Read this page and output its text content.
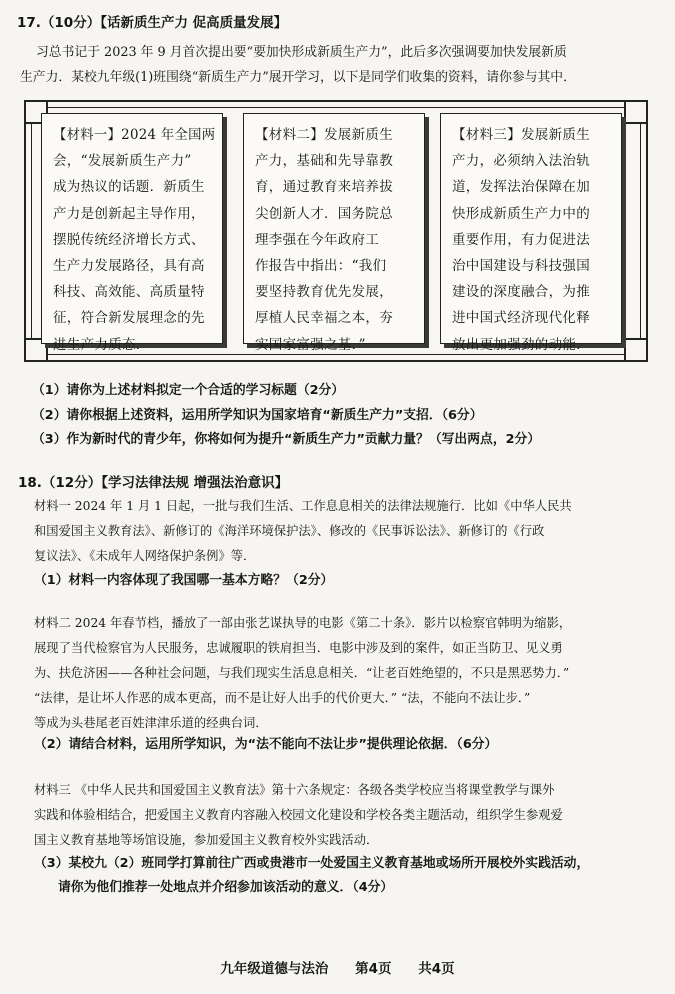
17.（10分）【话新质生产力 促高质量发展】
习总书记于 2023 年 9 月首次提出要“要加快形成新质生产力”，此后多次强调要加快发展新质
生产力．某校九年级(1)班围绕“新质生产力”展开学习，以下是同学们收集的资料，请你参与其中．
【材料一】2024 年全国两
会，“发展新质生产力”
成为热议的话题．新质生
产力是创新起主导作用，
摆脱传统经济增长方式、
生产力发展路径，具有高
科技、高效能、高质量特
征，符合新发展理念的先
进生产力质态．
【材料二】发展新质生
产力，基础和先导靠教
育，通过教育来培养拔
尖创新人才．国务院总
理李强在今年政府工
作报告中指出：“我们
要坚持教育优先发展，
厚植人民幸福之本，夯
实国家富强之基．”
【材料三】发展新质生
产力，必须纳入法治轨
道，发挥法治保障在加
快形成新质生产力中的
重要作用，有力促进法
治中国建设与科技强国
建设的深度融合，为推
进中国式经济现代化释
放出更加强劲的动能．
（1）请你为上述材料拟定一个合适的学习标题（2分）
（2）请你根据上述资料，运用所学知识为国家培育“新质生产力”支招．（6分）
（3）作为新时代的青少年，你将如何为提升“新质生产力”贡献力量？（写出两点，2分）
18.（12分）【学习法律法规 增强法治意识】
材料一 2024 年 1 月 1 日起，一批与我们生活、工作息息相关的法律法规施行．比如《中华人民共
和国爱国主义教育法》、新修订的《海洋环境保护法》、修改的《民事诉讼法》、新修订的《行政
复议法》、《未成年人网络保护条例》等．
（1）材料一内容体现了我国哪一基本方略？（2分）
材料二 2024 年春节档，播放了一部由张艺谋执导的电影《第二十条》．影片以检察官韩明为缩影，
展现了当代检察官为人民服务，忠诚履职的铁肩担当．电影中涉及到的案件，如正当防卫、见义勇
为、扶危济困——各种社会问题，与我们现实生活息息相关．“让老百姓绝望的，不只是黑恶势力．”
“法律，是让坏人作恶的成本更高，而不是让好人出手的代价更大．” “法，不能向不法让步．”
等成为头巷尾老百姓津津乐道的经典台词．
（2）请结合材料，运用所学知识，为“法不能向不法让步”提供理论依据．（6分）
材料三 《中华人民共和国爱国主义教育法》第十六条规定：各级各类学校应当将课堂教学与课外
实践和体验相结合，把爱国主义教育内容融入校园文化建设和学校各类主题活动，组织学生参观爱
国主义教育基地等场馆设施，参加爱国主义教育校外实践活动．
（3）某校九（2）班同学打算前往广西或贵港市一处爱国主义教育基地或场所开展校外实践活动，
请你为他们推荐一处地点并介绍参加该活动的意义．（4分）
九年级道德与法治 第4页 共4页
